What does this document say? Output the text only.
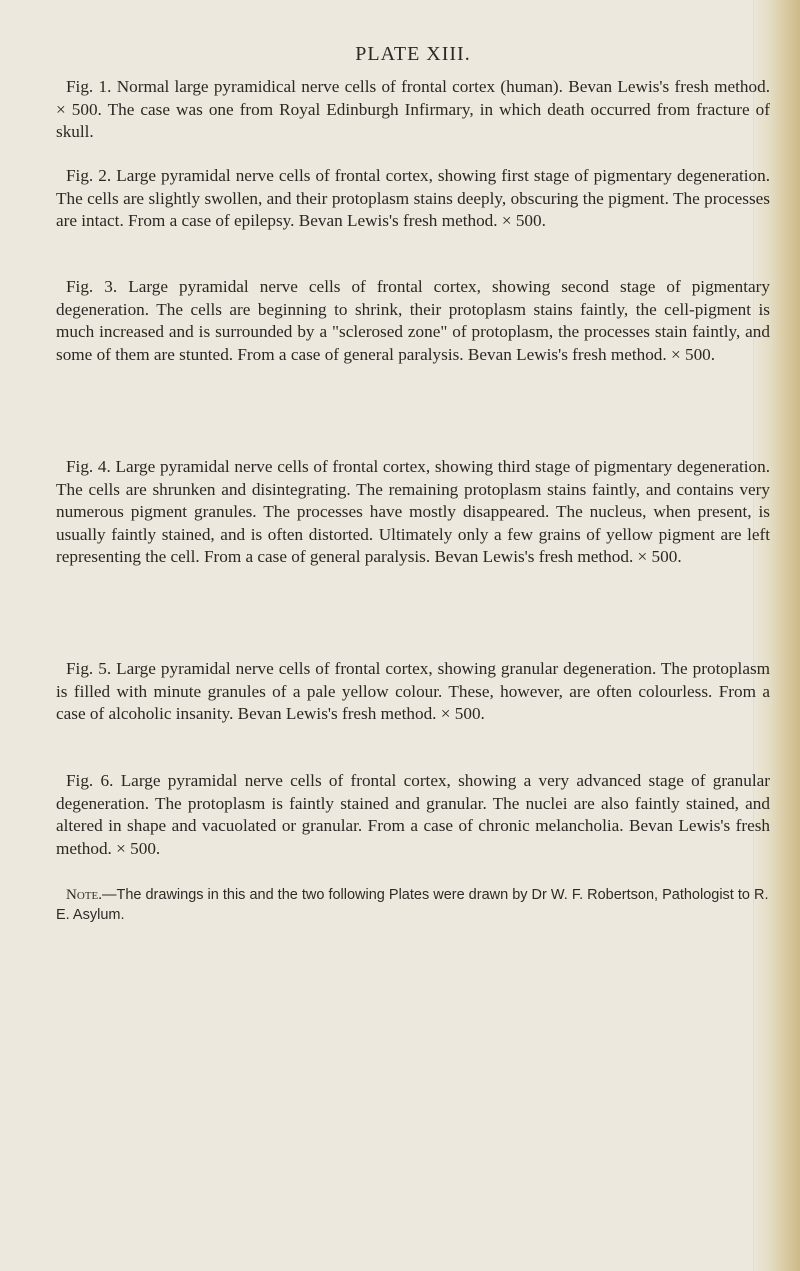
PLATE XIII.

Fig. 1. Normal large pyramidical nerve cells of frontal cortex (human). Bevan Lewis's fresh method. × 500. The case was one from Royal Edinburgh Infirmary, in which death occurred from fracture of skull.

Fig. 2. Large pyramidal nerve cells of frontal cortex, showing first stage of pigmentary degeneration. The cells are slightly swollen, and their protoplasm stains deeply, obscuring the pigment. The processes are intact. From a case of epilepsy. Bevan Lewis's fresh method. × 500.

Fig. 3. Large pyramidal nerve cells of frontal cortex, showing second stage of pigmentary degeneration. The cells are beginning to shrink, their protoplasm stains faintly, the cell-pigment is much increased and is surrounded by a "sclerosed zone" of protoplasm, the processes stain faintly, and some of them are stunted. From a case of general paralysis. Bevan Lewis's fresh method. × 500.

Fig. 4. Large pyramidal nerve cells of frontal cortex, showing third stage of pigmentary degeneration. The cells are shrunken and disintegrating. The remaining protoplasm stains faintly, and contains very numerous pigment granules. The processes have mostly disappeared. The nucleus, when present, is usually faintly stained, and is often distorted. Ultimately only a few grains of yellow pigment are left representing the cell. From a case of general paralysis. Bevan Lewis's fresh method. × 500.

Fig. 5. Large pyramidal nerve cells of frontal cortex, showing granular degeneration. The protoplasm is filled with minute granules of a pale yellow colour. These, however, are often colourless. From a case of alcoholic insanity. Bevan Lewis's fresh method. × 500.

Fig. 6. Large pyramidal nerve cells of frontal cortex, showing a very advanced stage of granular degeneration. The protoplasm is faintly stained and granular. The nuclei are also faintly stained, and altered in shape and vacuolated or granular. From a case of chronic melancholia. Bevan Lewis's fresh method. × 500.

Note.—The drawings in this and the two following Plates were drawn by Dr W. F. Robertson, Pathologist to R. E. Asylum.
